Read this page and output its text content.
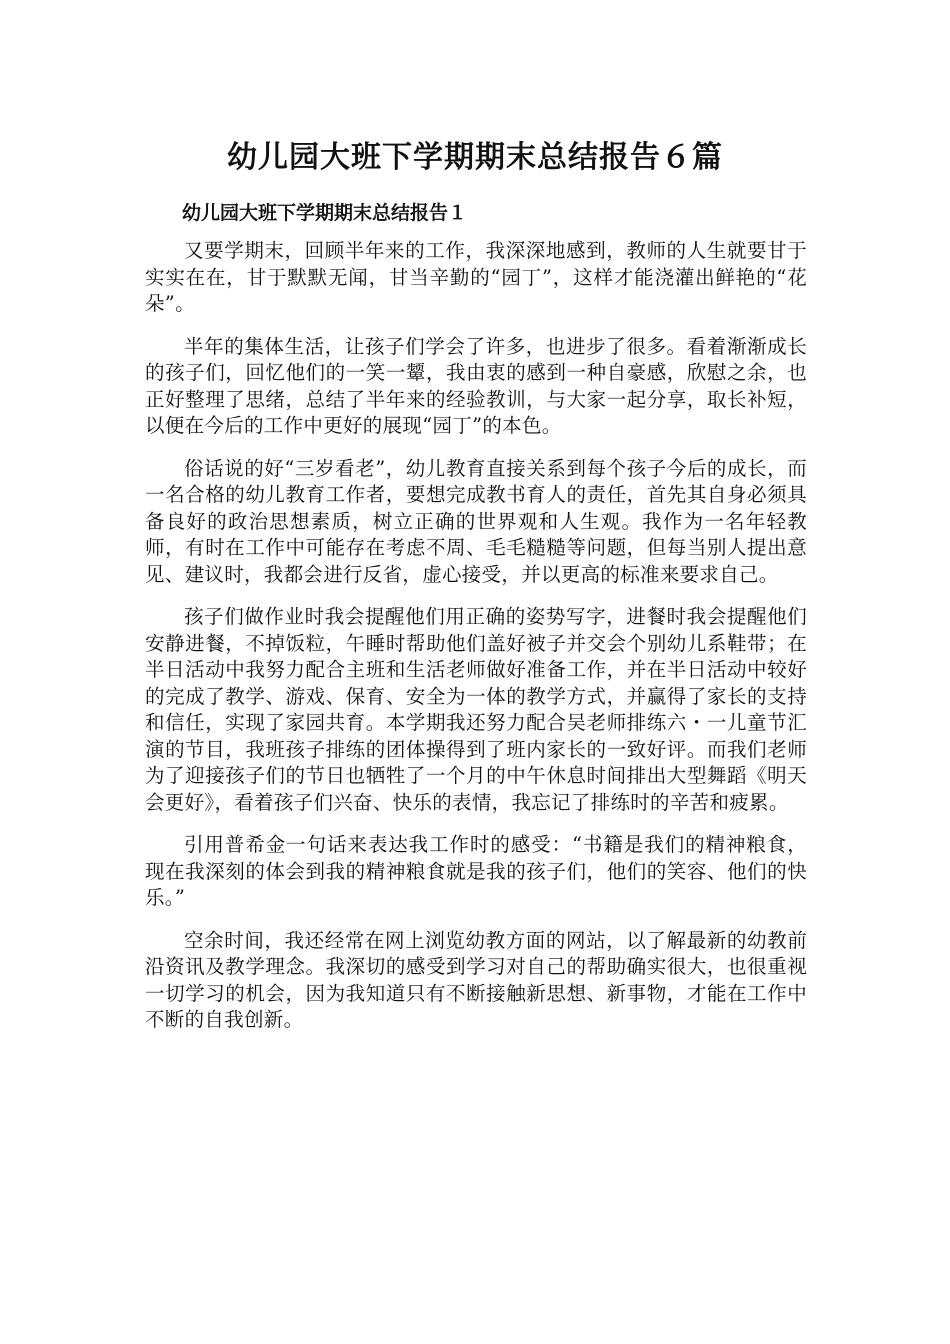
幼儿园大班下学期期末总结报告６篇
幼儿园大班下学期期末总结报告１

又要学期末，回顾半年来的工作，我深深地感到，教师的人生就要甘于实实在在，甘于默默无闻，甘当辛勤的“园丁”，这样才能浇灌出鲜艳的“花朵”。

半年的集体生活，让孩子们学会了许多，也进步了很多。看着渐渐成长的孩子们，回忆他们的一笑一颦，我由衷的感到一种自豪感，欣慰之余，也正好整理了思绪，总结了半年来的经验教训，与大家一起分享，取长补短，以便在今后的工作中更好的展现“园丁”的本色。

俗话说的好“三岁看老”，幼儿教育直接关系到每个孩子今后的成长，而一名合格的幼儿教育工作者，要想完成教书育人的责任，首先其自身必须具备良好的政治思想素质，树立正确的世界观和人生观。我作为一名年轻教师，有时在工作中可能存在考虑不周、毛毛糙糙等问题，但每当别人提出意见、建议时，我都会进行反省，虚心接受，并以更高的标准来要求自己。

孩子们做作业时我会提醒他们用正确的姿势写字，进餐时我会提醒他们安静进餐，不掉饭粒，午睡时帮助他们盖好被子并交会个别幼儿系鞋带；在半日活动中我努力配合主班和生活老师做好准备工作，并在半日活动中较好的完成了教学、游戏、保育、安全为一体的教学方式，并赢得了家长的支持和信任，实现了家园共育。本学期我还努力配合吴老师排练六・一儿童节汇演的节目，我班孩子排练的团体操得到了班内家长的一致好评。而我们老师为了迎接孩子们的节日也牺牲了一个月的中午休息时间排出大型舞蹈《明天会更好》，看着孩子们兴奋、快乐的表情，我忘记了排练时的辛苦和疲累。

引用普希金一句话来表达我工作时的感受：“书籍是我们的精神粮食，现在我深刻的体会到我的精神粮食就是我的孩子们，他们的笑容、他们的快乐。”

空余时间，我还经常在网上浏览幼教方面的网站，以了解最新的幼教前沿资讯及教学理念。我深切的感受到学习对自己的帮助确实很大，也很重视一切学习的机会，因为我知道只有不断接触新思想、新事物，才能在工作中不断的自我创新。
